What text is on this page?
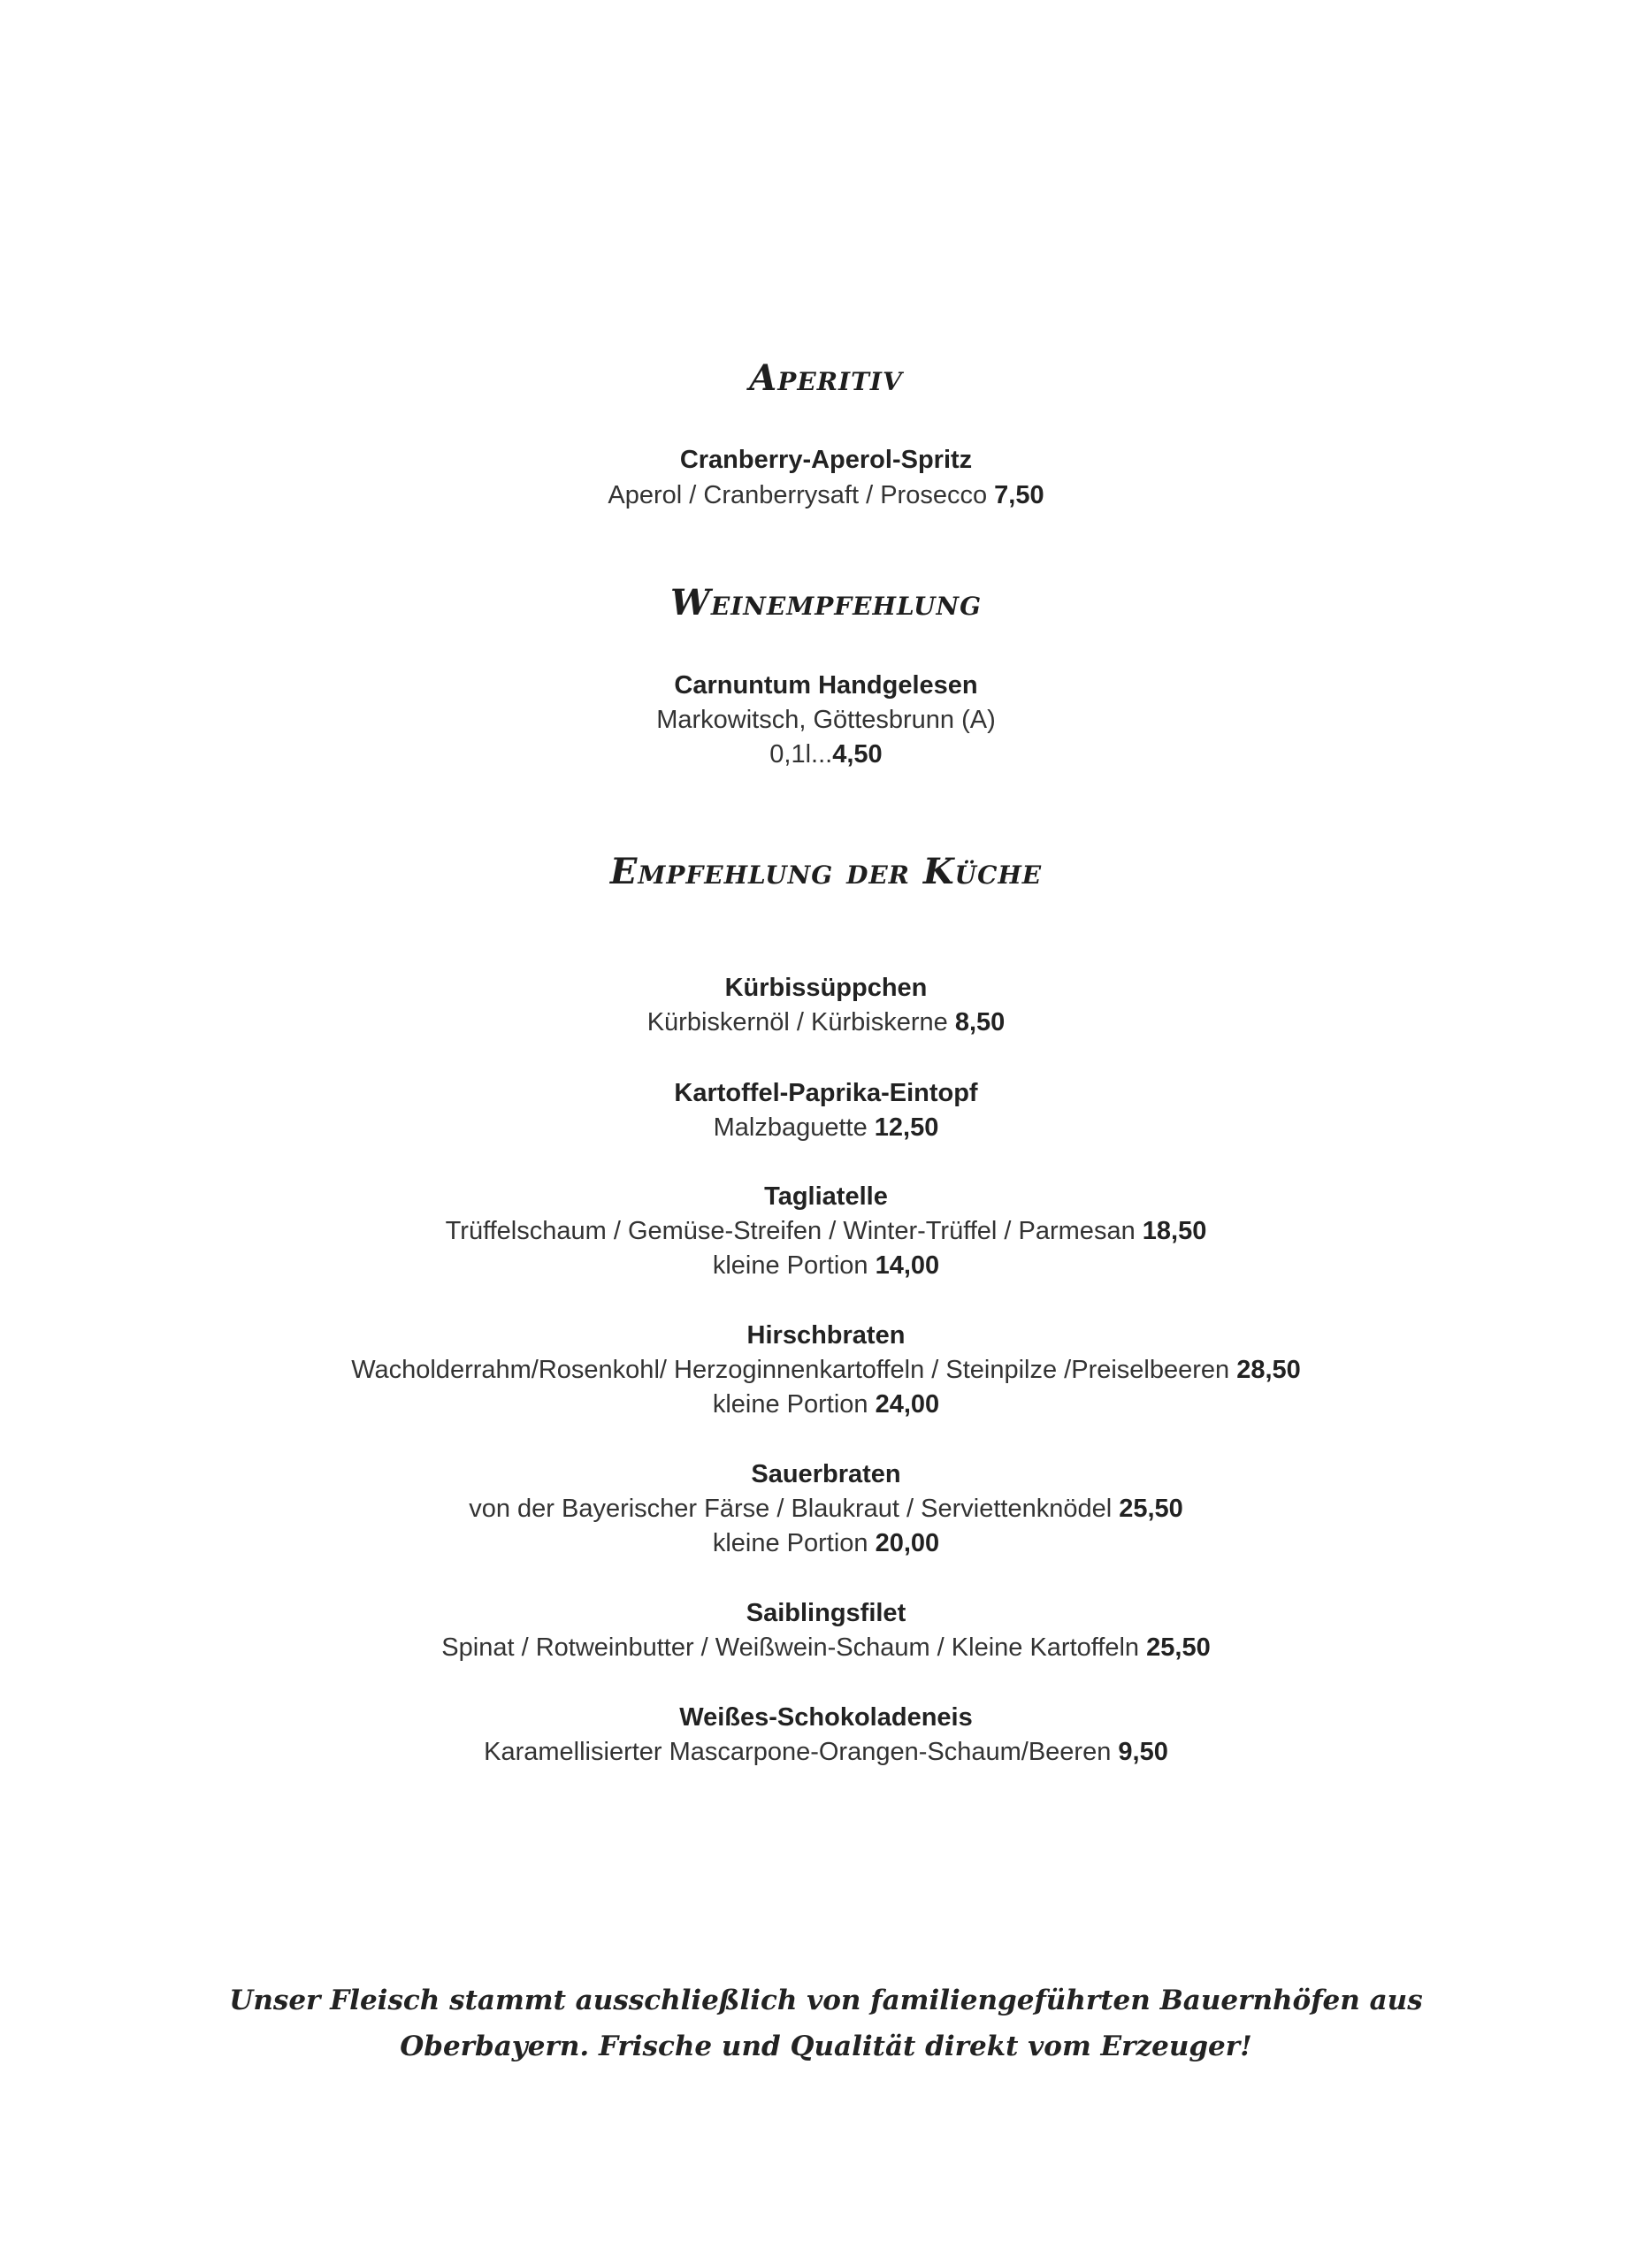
Aperitiv
Cranberry-Aperol-Spritz
Aperol / Cranberrysaft / Prosecco 7,50
Weinempfehlung
Carnuntum Handgelesen
Markowitsch, Göttesbrunn (A)
0,1l...4,50
Empfehlung der Küche
Kürbissüppchen
Kürbiskernöl / Kürbiskerne 8,50
Kartoffel-Paprika-Eintopf
Malzbaguette 12,50
Tagliatelle
Trüffelschaum / Gemüse-Streifen / Winter-Trüffel / Parmesan 18,50
kleine Portion 14,00
Hirschbraten
Wacholderrahm/Rosenkohl/ Herzoginnenkartoffeln / Steinpilze /Preiselbeeren 28,50
kleine Portion 24,00
Sauerbraten
von der Bayerischer Färse / Blaukraut / Serviettenknödel 25,50
kleine Portion 20,00
Saiblingsfilet
Spinat / Rotweinbutter / Weißwein-Schaum / Kleine Kartoffeln 25,50
Weißes-Schokoladeneis
Karamellisierter Mascarpone-Orangen-Schaum/Beeren 9,50
Unser Fleisch stammt ausschließlich von familiengeführten Bauernhöfen aus
Oberbayern. Frische und Qualität direkt vom Erzeuger!
